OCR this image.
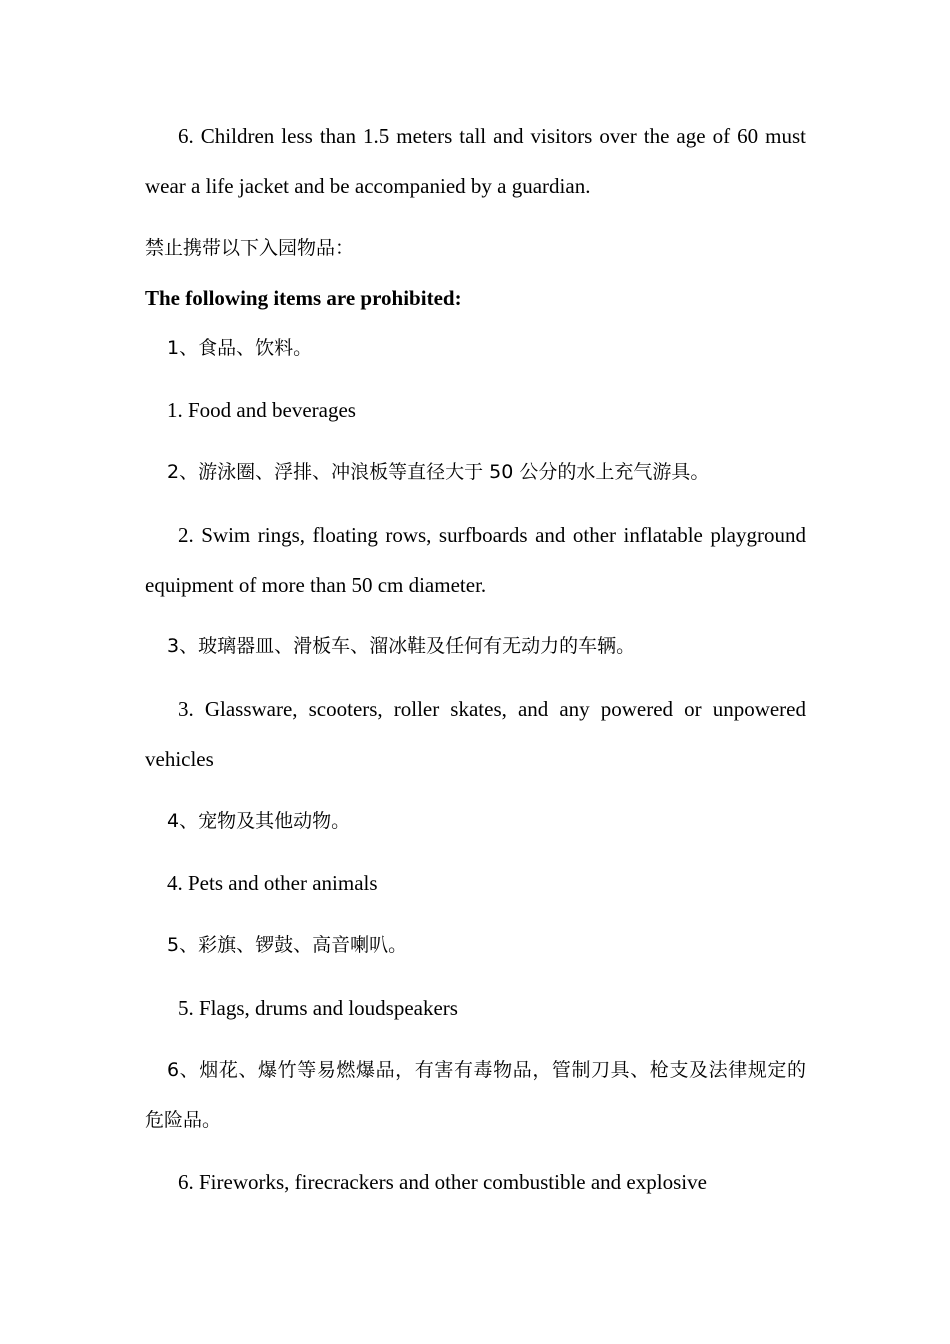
6. Children less than 1.5 meters tall and visitors over the age of 60 must wear a life jacket and be accompanied by a guardian.

禁止携带以下入园物品：

The following items are prohibited:

1、食品、饮料。

1. Food and beverages

2、游泳圈、浮排、冲浪板等直径大于 50 公分的水上充气游具。

2. Swim rings, floating rows, surfboards and other inflatable playground equipment of more than 50 cm diameter.

3、玻璃器皿、滑板车、溜冰鞋及任何有无动力的车辆。

3. Glassware, scooters, roller skates, and any powered or unpowered vehicles

4、宠物及其他动物。

4. Pets and other animals

5、彩旗、锣鼓、高音喇叭。

5. Flags, drums and loudspeakers

6、烟花、爆竹等易燃爆品，有害有毒物品，管制刀具、枪支及法律规定的危险品。

6. Fireworks, firecrackers and other combustible and explosive
